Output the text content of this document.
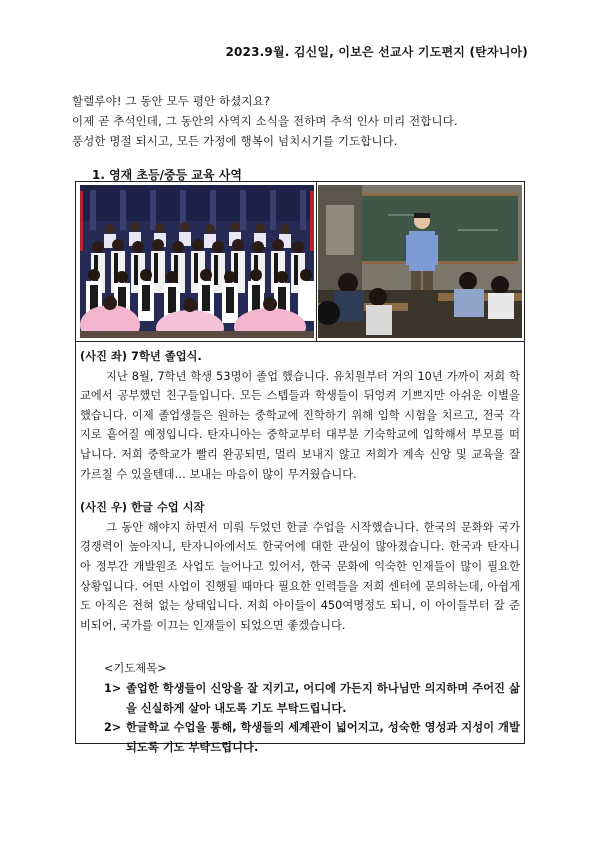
2023.9월. 김신일, 이보은 선교사 기도편지 (탄자니아)
할렐루야! 그 동안 모두 평안 하셨지요?
이제 곧 추석인데, 그 동안의 사역지 소식을 전하며 추석 인사 미리 전합니다.
풍성한 명절 되시고, 모든 가정에 행복이 넘치시기를 기도합니다.
1. 영재 초등/중등 교육 사역
(사진 좌) 7학년 졸업식.
지난 8월, 7학년 학생 53명이 졸업 했습니다. 유치원부터 거의 10년 가까이 저희 학교에서 공부했던 친구들입니다. 모든 스텝들과 학생들이 뒤엉켜 기쁘지만 아쉬운 이별을 했습니다. 이제 졸업생들은 원하는 중학교에 진학하기 위해 입학 시험을 치르고, 전국 각지로 흩어질 예정입니다. 탄자니아는 중학교부터 대부분 기숙학교에 입학해서 부모를 떠납니다. 저희 중학교가 빨리 완공되면, 멀리 보내지 않고 저희가 계속 신앙 및 교육을 잘 가르칠 수 있을텐데… 보내는 마음이 많이 무거웠습니다.
(사진 우) 한글 수업 시작
그 동안 해야지 하면서 미뤄 두었던 한글 수업을 시작했습니다. 한국의 문화와 국가 경쟁력이 높아지니, 탄자니아에서도 한국어에 대한 관심이 많아졌습니다. 한국과 탄자니아 정부간 개발원조 사업도 늘어나고 있어서, 한국 문화에 익숙한 인재들이 많이 필요한 상황입니다. 어떤 사업이 진행될 때마다 필요한 인력들을 저희 센터에 문의하는데, 아쉽게도 아직은 전혀 없는 상태입니다. 저희 아이들이 450여명정도 되니, 이 아이들부터 잘 준비되어, 국가를 이끄는 인재들이 되었으면 좋겠습니다.
<기도제목>
1> 졸업한 학생들이 신앙을 잘 지키고, 어디에 가든지 하나님만 의지하며 주어진 삶을 신실하게 살아 내도록 기도 부탁드립니다.
2> 한글학교 수업을 통해, 학생들의 세계관이 넓어지고, 성숙한 영성과 지성이 개발 되도록 기도 부탁드립니다.
